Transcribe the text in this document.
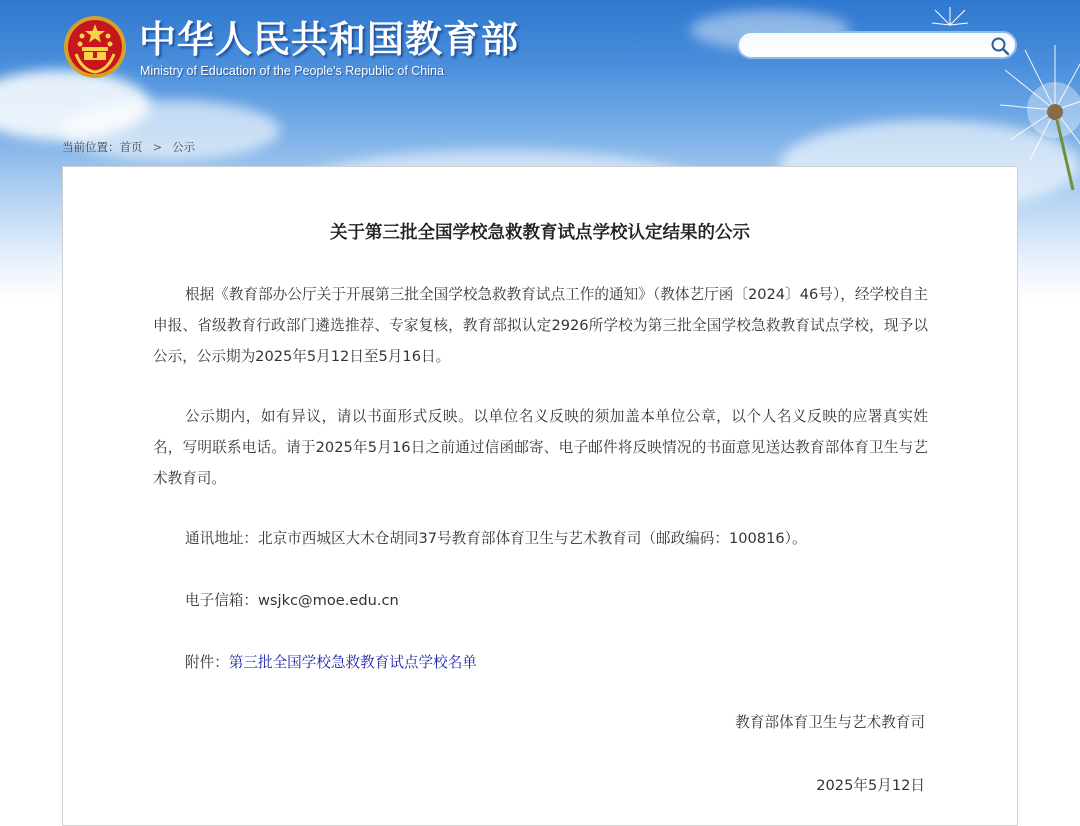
中华人民共和国教育部
Ministry of Education of the People's Republic of China
当前位置：首页 > 公示
关于第三批全国学校急救教育试点学校认定结果的公示

根据《教育部办公厅关于开展第三批全国学校急救教育试点工作的通知》（教体艺厅函〔2024〕46号），经学校自主申报、省级教育行政部门遴选推荐、专家复核，教育部拟认定2926所学校为第三批全国学校急救教育试点学校，现予以公示，公示期为2025年5月12日至5月16日。

公示期内，如有异议，请以书面形式反映。以单位名义反映的须加盖本单位公章，以个人名义反映的应署真实姓名，写明联系电话。请于2025年5月16日之前通过信函邮寄、电子邮件将反映情况的书面意见送达教育部体育卫生与艺术教育司。

通讯地址：北京市西城区大木仓胡同37号教育部体育卫生与艺术教育司（邮政编码：100816）。

电子信箱：wsjkc@moe.edu.cn

附件：第三批全国学校急救教育试点学校名单

教育部体育卫生与艺术教育司
2025年5月12日
